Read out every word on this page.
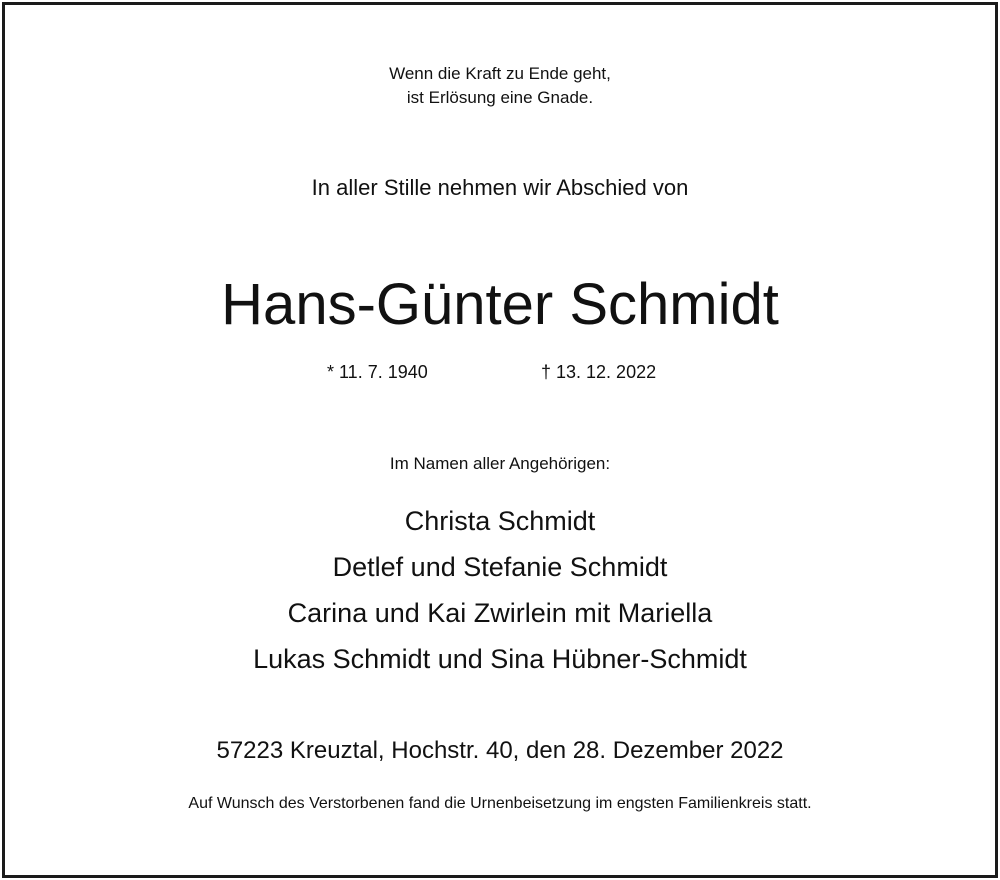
Wenn die Kraft zu Ende geht,
ist Erlösung eine Gnade.
In aller Stille nehmen wir Abschied von
Hans-Günter Schmidt
* 11. 7. 1940	† 13. 12. 2022
Im Namen aller Angehörigen:
Christa Schmidt
Detlef und Stefanie Schmidt
Carina und Kai Zwirlein mit Mariella
Lukas Schmidt und Sina Hübner-Schmidt
57223 Kreuztal, Hochstr. 40, den 28. Dezember 2022
Auf Wunsch des Verstorbenen fand die Urnenbeisetzung im engsten Familienkreis statt.
